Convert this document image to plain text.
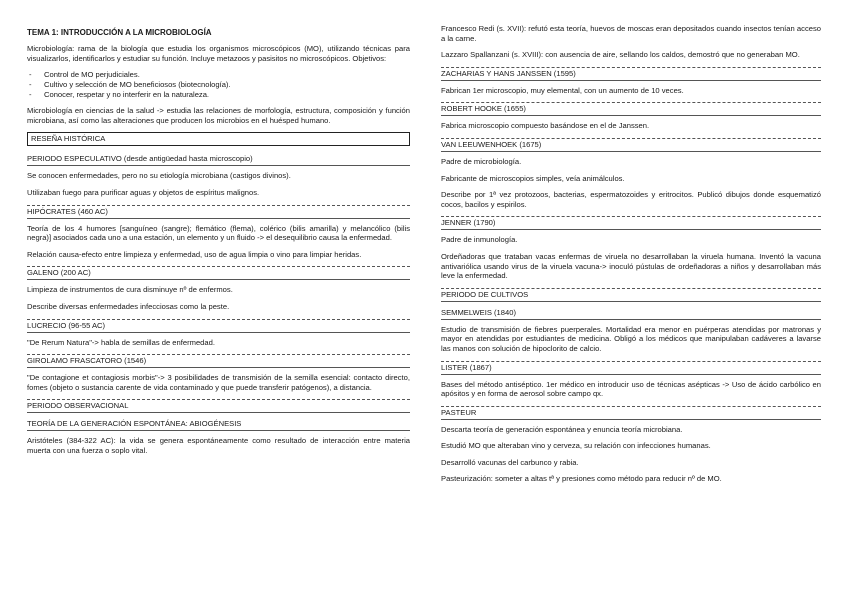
TEMA 1: INTRODUCCIÓN A LA MICROBIOLOGÍA

Microbiología: rama de la biología que estudia los organismos microscópicos (MO), utilizando técnicas para visualizarlos, identificarlos y estudiar su función. Incluye metazoos y pasisitos no microscópicos. Objetivos:

- Control de MO perjudiciales.
- Cultivo y selección de MO beneficiosos (biotecnología).
- Conocer, respetar y no interferir en la naturaleza.

Microbiología en ciencias de la salud -> estudia las relaciones de morfología, estructura, composición y función microbiana, así como las alteraciones que producen los microbios en el huésped humano.

RESEÑA HISTÓRICA
PERIODO ESPECULATIVO (desde antigüedad hasta microscopio)

Se conocen enfermedades, pero no su etiología microbiana (castigos divinos).

Utilizaban fuego para purificar aguas y objetos de espíritus malignos.

HIPÓCRATES (460 AC)

Teoría de los 4 humores [sanguíneo (sangre); flemático (flema), colérico (bilis amarilla) y melancólico (bilis negra)] asociados cada uno a una estación, un elemento y un fluido -> el desequilibrio causa la enfermedad.

Relación causa-efecto entre limpieza y enfermedad, uso de agua limpia o vino para limpiar heridas.

GALENO (200 AC)

Limpieza de instrumentos de cura disminuye nº de enfermos.

Describe diversas enfermedades infecciosas como la peste.

LUCRECIO (96-55 AC)

"De Rerum Natura"-> habla de semillas de enfermedad.

GIROLAMO FRASCATORO (1546)

"De contagione et contagiosis morbis"-> 3 posibilidades de transmisión de la semilla esencial: contacto directo, fomes (objeto o sustancia carente de vida contaminado y que puede transferir patógenos), a distancia.

PERIODO OBSERVACIONAL
TEORÍA DE LA GENERACIÓN ESPONTÁNEA: ABIOGÉNESIS

Aristóteles (384-322 AC): la vida se genera espontáneamente como resultado de interacción entre materia muerta con una fuerza o soplo vital.

Francesco Redi (s. XVII): refutó esta teoría, huevos de moscas eran depositados cuando insectos tenían acceso a la carne.

Lazzaro Spallanzani (s. XVIII): con ausencia de aire, sellando los caldos, demostró que no generaban MO.

ZACHARIAS Y HANS JANSSEN (1595)

Fabrican 1er microscopio, muy elemental, con un aumento de 10 veces.

ROBERT HOOKE (1655)

Fabrica microscopio compuesto basándose en el de Janssen.

VAN LEEUWENHOEK (1675)

Padre de microbiología.

Fabricante de microscopios simples, veía animálculos.

Describe por 1ª vez protozoos, bacterias, espermatozoides y eritrocitos. Publicó dibujos donde esquematizó cocos, bacilos y espirilos.

JENNER (1790)

Padre de inmunología.

Ordeñadoras que trataban vacas enfermas de viruela no desarrollaban la viruela humana. Inventó la vacuna antivariólica usando virus de la viruela vacuna-> inoculó pústulas de ordeñadoras a niños y desarrollaban más leve la enfermedad.

PERIODO DE CULTIVOS
SEMMELWEIS (1840)

Estudio de transmisión de fiebres puerperales. Mortalidad era menor en puérperas atendidas por matronas y mayor en atendidas por estudiantes de medicina. Obligó a los médicos que manipulaban cadáveres a lavarse las manos con solución de hipoclorito de calcio.

LISTER (1867)

Bases del método antiséptico. 1er médico en introducir uso de técnicas asépticas -> Uso de ácido carbólico en apósitos y en forma de aerosol sobre campo qx.

PASTEUR

Descarta teoría de generación espontánea y enuncia teoría microbiana.

Estudió MO que alteraban vino y cerveza, su relación con infecciones humanas.

Desarrolló vacunas del carbunco y rabia.

Pasteurización: someter a altas tª y presiones como método para reducir nº de MO.
